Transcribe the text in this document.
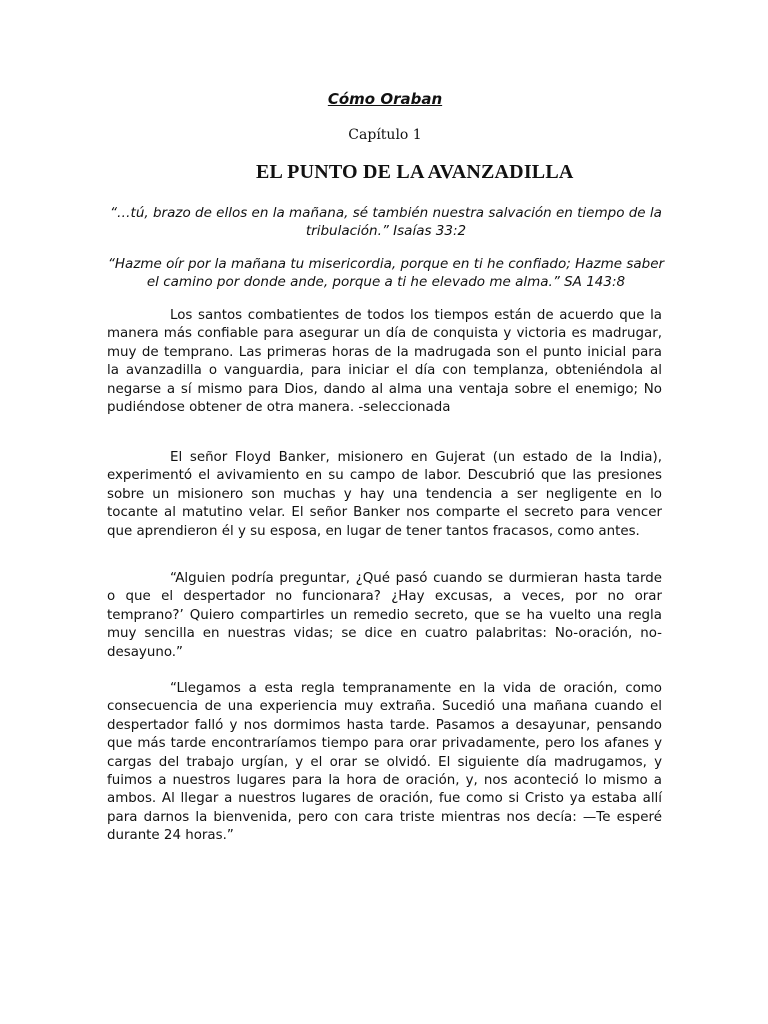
Cómo Oraban
Capítulo 1
EL PUNTO DE LA AVANZADILLA
“…tú, brazo de ellos en la mañana, sé también nuestra salvación en tiempo de la tribulación.” Isaías 33:2
“Hazme oír por la mañana tu misericordia, porque en ti he confiado; Hazme saber el camino por donde ande, porque a ti he elevado me alma.” SA 143:8

Los santos combatientes de todos los tiempos están de acuerdo que la manera más confiable para asegurar un día de conquista y victoria es madrugar, muy de temprano. Las primeras horas de la madrugada son el punto inicial para la avanzadilla o vanguardia, para iniciar el día con templanza, obteniéndola al negarse a sí mismo para Dios, dando al alma una ventaja sobre el enemigo; No pudiéndose obtener de otra manera. -seleccionada

El señor Floyd Banker, misionero en Gujerat (un estado de la India), experimentó el avivamiento en su campo de labor. Descubrió que las presiones sobre un misionero son muchas y hay una tendencia a ser negligente en lo tocante al matutino velar. El señor Banker nos comparte el secreto para vencer que aprendieron él y su esposa, en lugar de tener tantos fracasos, como antes.

“Alguien podría preguntar, ¿Qué pasó cuando se durmieran hasta tarde o que el despertador no funcionara? ¿Hay excusas, a veces, por no orar temprano?’ Quiero compartirles un remedio secreto, que se ha vuelto una regla muy sencilla en nuestras vidas; se dice en cuatro palabritas: No-oración, no-desayuno.”

“Llegamos a esta regla tempranamente en la vida de oración, como consecuencia de una experiencia muy extraña. Sucedió una mañana cuando el despertador falló y nos dormimos hasta tarde. Pasamos a desayunar, pensando que más tarde encontraríamos tiempo para orar privadamente, pero los afanes y cargas del trabajo urgían, y el orar se olvidó. El siguiente día madrugamos, y fuimos a nuestros lugares para la hora de oración, y, nos aconteció lo mismo a ambos. Al llegar a nuestros lugares de oración, fue como si Cristo ya estaba allí para darnos la bienvenida, pero con cara triste mientras nos decía: —Te esperé durante 24 horas.”
